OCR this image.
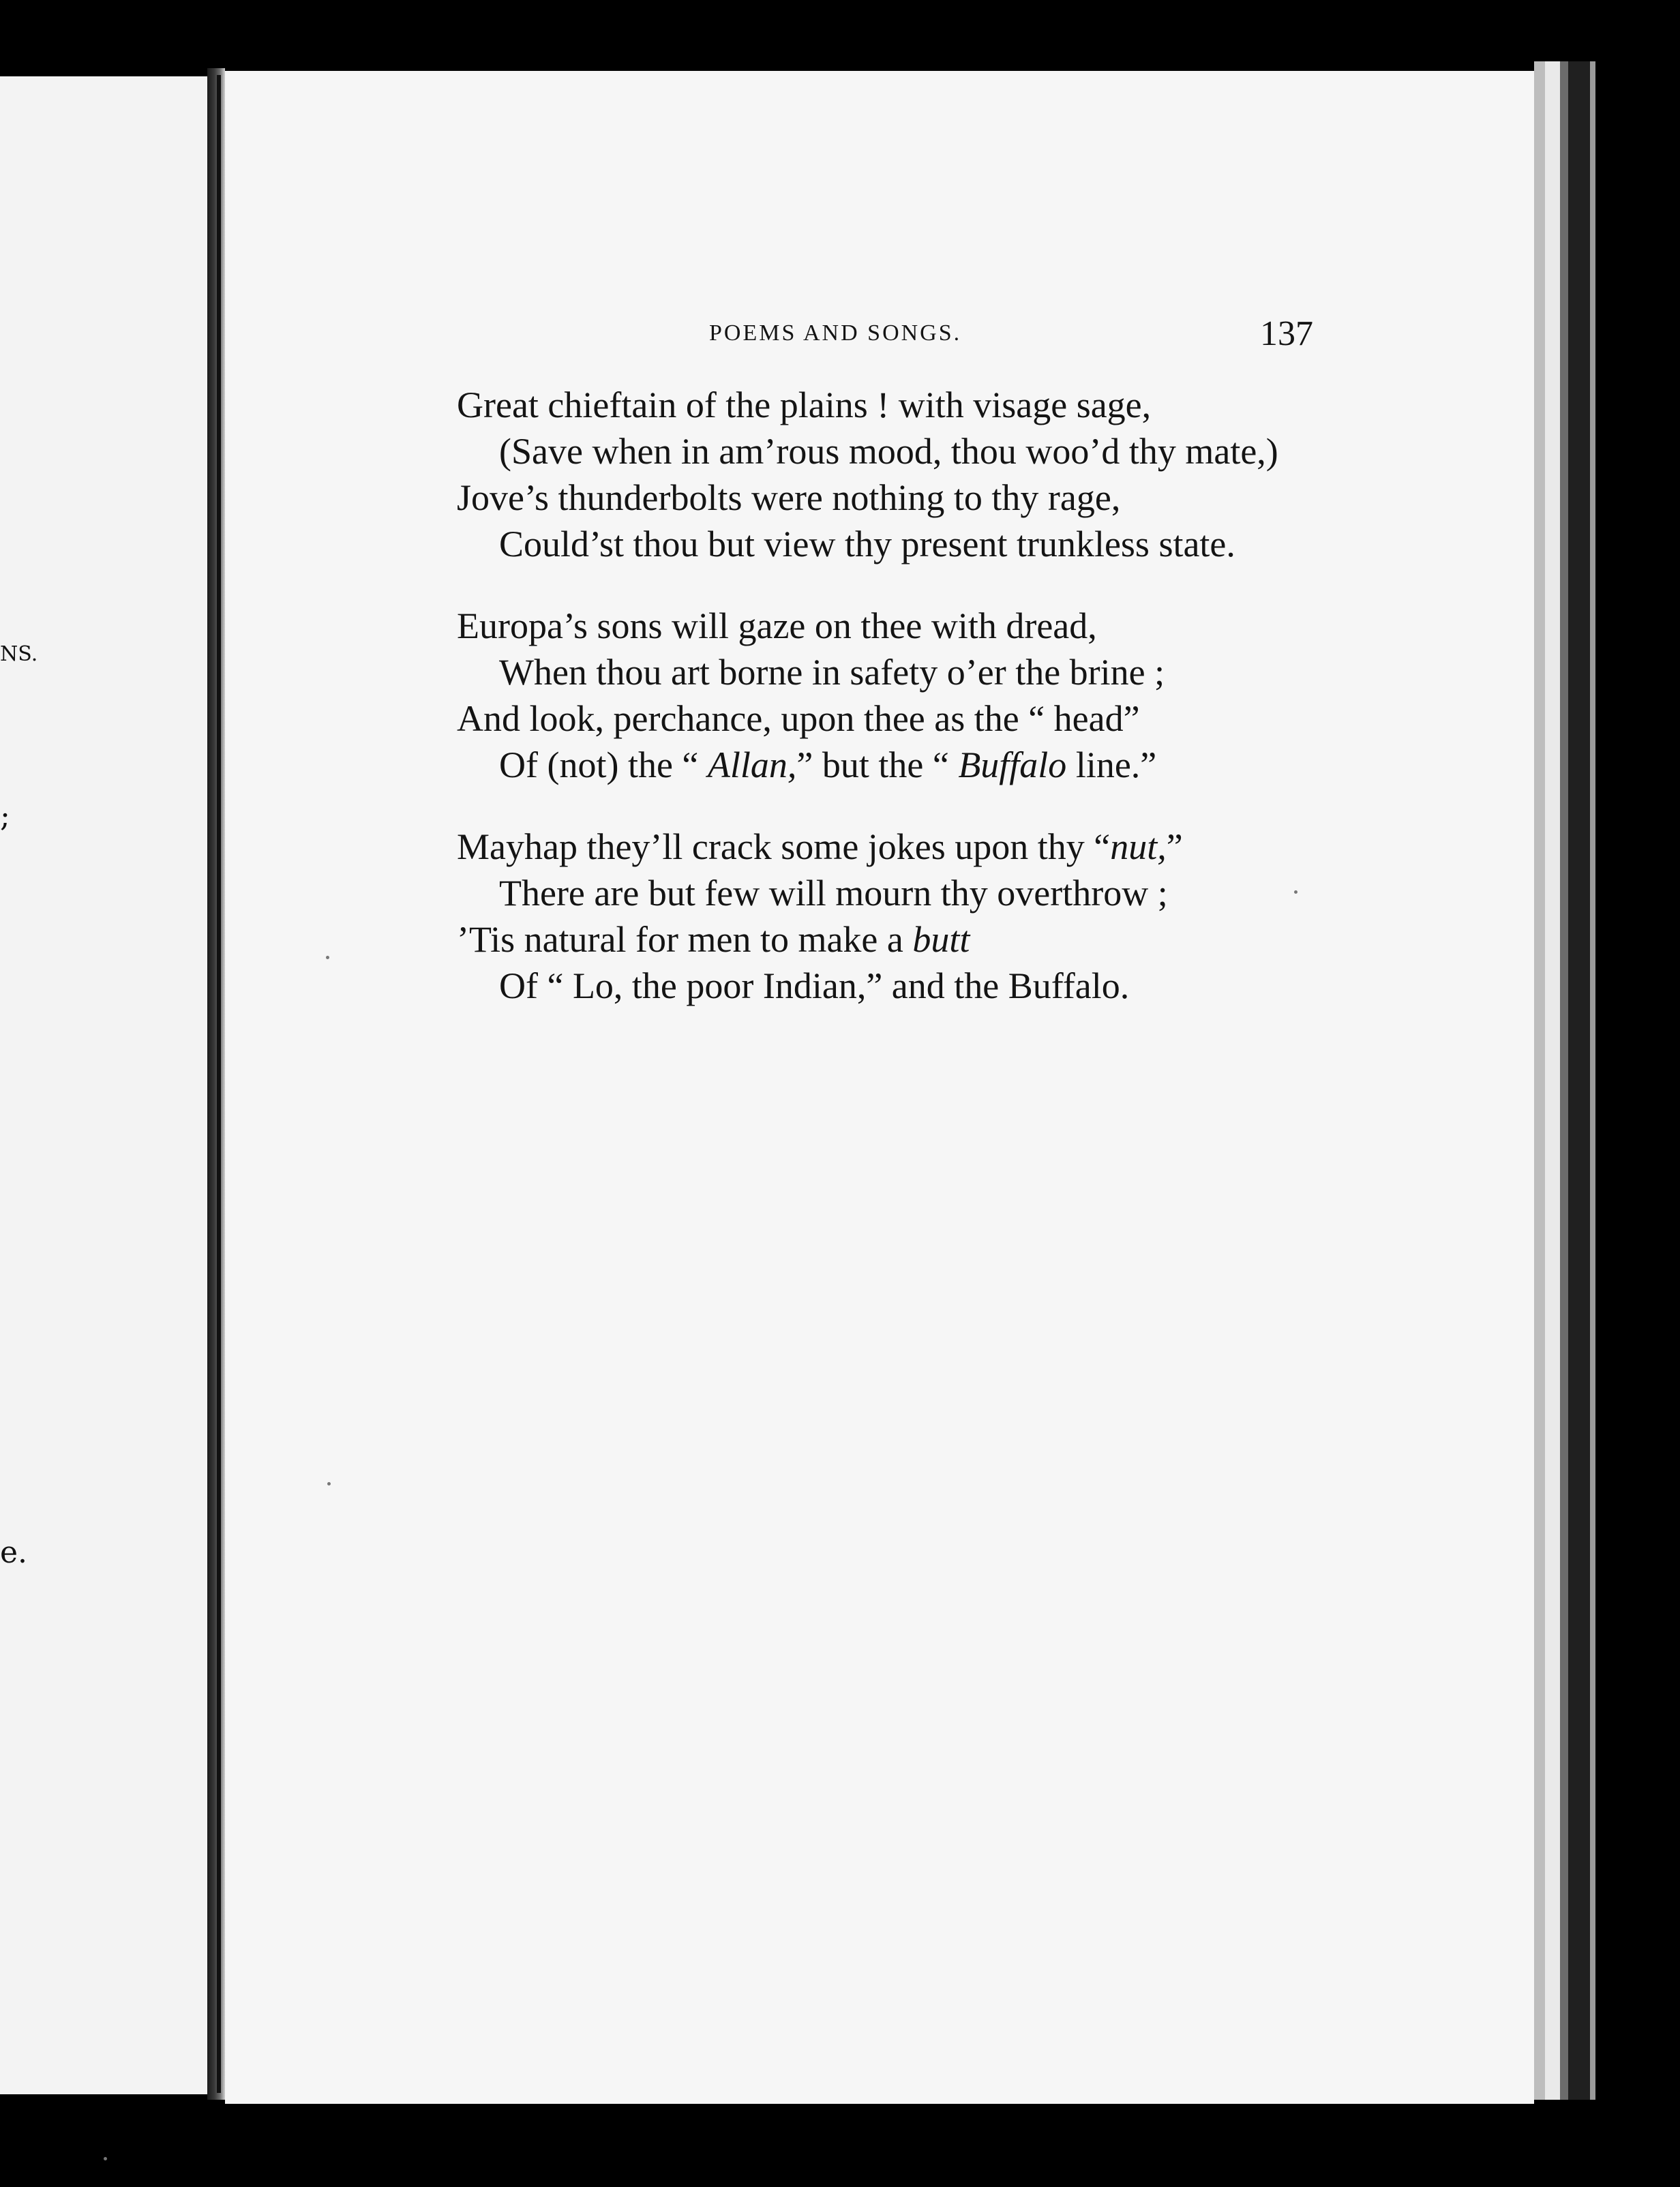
NS.
;
e.
POEMS AND SONGS.	137
Great chieftain of the plains ! with visage sage,
(Save when in am’rous mood, thou woo’d thy mate,)
Jove’s thunderbolts were nothing to thy rage,
Could’st thou but view thy present trunkless state.
Europa’s sons will gaze on thee with dread,
When thou art borne in safety o’er the brine ;
And look, perchance, upon thee as the “ head”
Of (not) the “ Allan,” but the “ Buffalo line.”
Mayhap they’ll crack some jokes upon thy “nut,”
There are but few will mourn thy overthrow ;
’Tis natural for men to make a butt
Of “ Lo, the poor Indian,” and the Buffalo.
